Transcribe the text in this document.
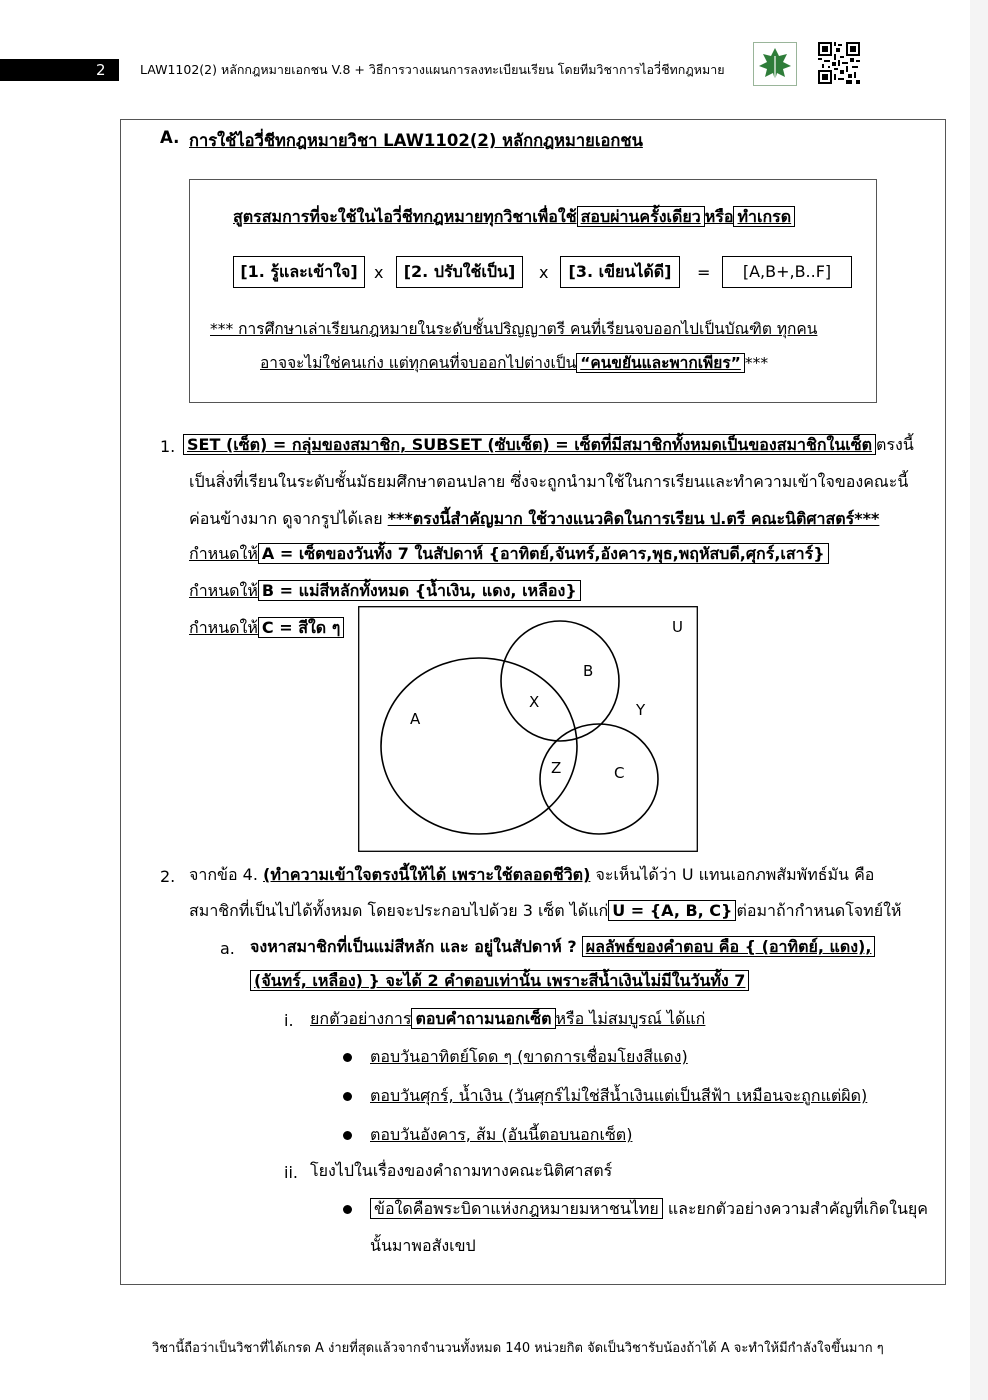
2	LAW1102(2) หลักกฎหมายเอกชน V.8 + วิธีการวางแผนการลงทะเบียนเรียน โดยทีมวิชาการไอวี่ชีทกฎหมาย
A. การใช้ไอวี่ชีทกฎหมายวิชา LAW1102(2) หลักกฎหมายเอกชน
สูตรสมการที่จะใช้ในไอวี่ชีทกฎหมายทุกวิชาเพื่อใช้ สอบผ่านครั้งเดียว หรือ ทำเกรด
[1. รู้และเข้าใจ]	x	[2. ปรับใช้เป็น]	x	[3. เขียนได้ดี]	=	[A,B+,B..F]
*** การศึกษาเล่าเรียนกฎหมายในระดับชั้นปริญญาตรี คนที่เรียนจบออกไปเป็นบัณฑิต ทุกคน
อาจจะไม่ใช่คนเก่ง แต่ทุกคนที่จบออกไปต่างเป็น “คนขยันและพากเพียร” ***
1. SET (เซ็ต) = กลุ่มของสมาชิก, SUBSET (ซับเซ็ต) = เซ็ตที่มีสมาชิกทั้งหมดเป็นของสมาชิกในเซ็ต ตรงนี้
เป็นสิ่งที่เรียนในระดับชั้นมัธยมศึกษาตอนปลาย ซึ่งจะถูกนำมาใช้ในการเรียนและทำความเข้าใจของคณะนี้
ค่อนข้างมาก ดูจากรูปได้เลย ***ตรงนี้สำคัญมาก ใช้วางแนวคิดในการเรียน ป.ตรี คณะนิติศาสตร์***
กำหนดให้ A = เซ็ตของวันทั้ง 7 ในสัปดาห์ {อาทิตย์,จันทร์,อังคาร,พุธ,พฤหัสบดี,ศุกร์,เสาร์}
กำหนดให้ B = แม่สีหลักทั้งหมด {น้ำเงิน, แดง, เหลือง}
กำหนดให้ C = สีใด ๆ	U
A
B
C
X	Y
Z
2. จากข้อ 4. (ทำความเข้าใจตรงนี้ให้ได้ เพราะใช้ตลอดชีวิต) จะเห็นได้ว่า U แทนเอกภพสัมพัทธ์มัน คือ
สมาชิกที่เป็นไปได้ทั้งหมด โดยจะประกอบไปด้วย 3 เซ็ต ได้แก่ U = {A, B, C} ต่อมาถ้ากำหนดโจทย์ให้
a. จงหาสมาชิกที่เป็นแม่สีหลัก และ อยู่ในสัปดาห์ ? ผลลัพธ์ของคำตอบ คือ { (อาทิตย์, แดง),
(จันทร์, เหลือง) } จะได้ 2 คำตอบเท่านั้น เพราะสีน้ำเงินไม่มีในวันทั้ง 7
i. ยกตัวอย่างการ ตอบคำถามนอกเซ็ต หรือ ไม่สมบูรณ์ ได้แก่
ตอบวันอาทิตย์โดด ๆ (ขาดการเชื่อมโยงสีแดง)
ตอบวันศุกร์, น้ำเงิน (วันศุกร์ไม่ใช่สีน้ำเงินแต่เป็นสีฟ้า เหมือนจะถูกแต่ผิด)
ตอบวันอังคาร, ส้ม (อันนี้ตอบนอกเซ็ต)
ii. โยงไปในเรื่องของคำถามทางคณะนิติศาสตร์
ข้อใดคือพระบิดาแห่งกฎหมายมหาชนไทย และยกตัวอย่างความสำคัญที่เกิดในยุค
นั้นมาพอสังเขป
วิชานี้ถือว่าเป็นวิชาที่ได้เกรด A ง่ายที่สุดแล้วจากจำนวนทั้งหมด 140 หน่วยกิต จัดเป็นวิชารับน้องถ้าได้ A จะทำให้มีกำลังใจขึ้นมาก ๆ
